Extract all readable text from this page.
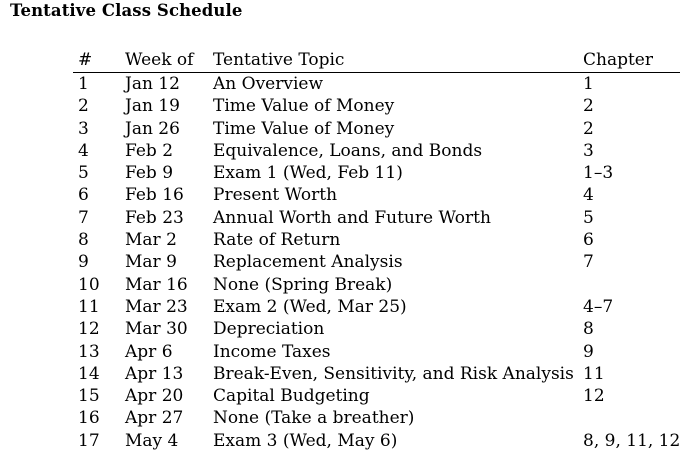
Tentative Class Schedule
#	Week of	Tentative Topic	Chapter
1	Jan 12	An Overview	1
2	Jan 19	Time Value of Money	2
3	Jan 26	Time Value of Money	2
4	Feb 2	Equivalence, Loans, and Bonds	3
5	Feb 9	Exam 1 (Wed, Feb 11)	1–3
6	Feb 16	Present Worth	4
7	Feb 23	Annual Worth and Future Worth	5
8	Mar 2	Rate of Return	6
9	Mar 9	Replacement Analysis	7
10	Mar 16	None (Spring Break)	
11	Mar 23	Exam 2 (Wed, Mar 25)	4–7
12	Mar 30	Depreciation	8
13	Apr 6	Income Taxes	9
14	Apr 13	Break-Even, Sensitivity, and Risk Analysis	11
15	Apr 20	Capital Budgeting	12
16	Apr 27	None (Take a breather)	
17	May 4	Exam 3 (Wed, May 6)	8, 9, 11, 12
